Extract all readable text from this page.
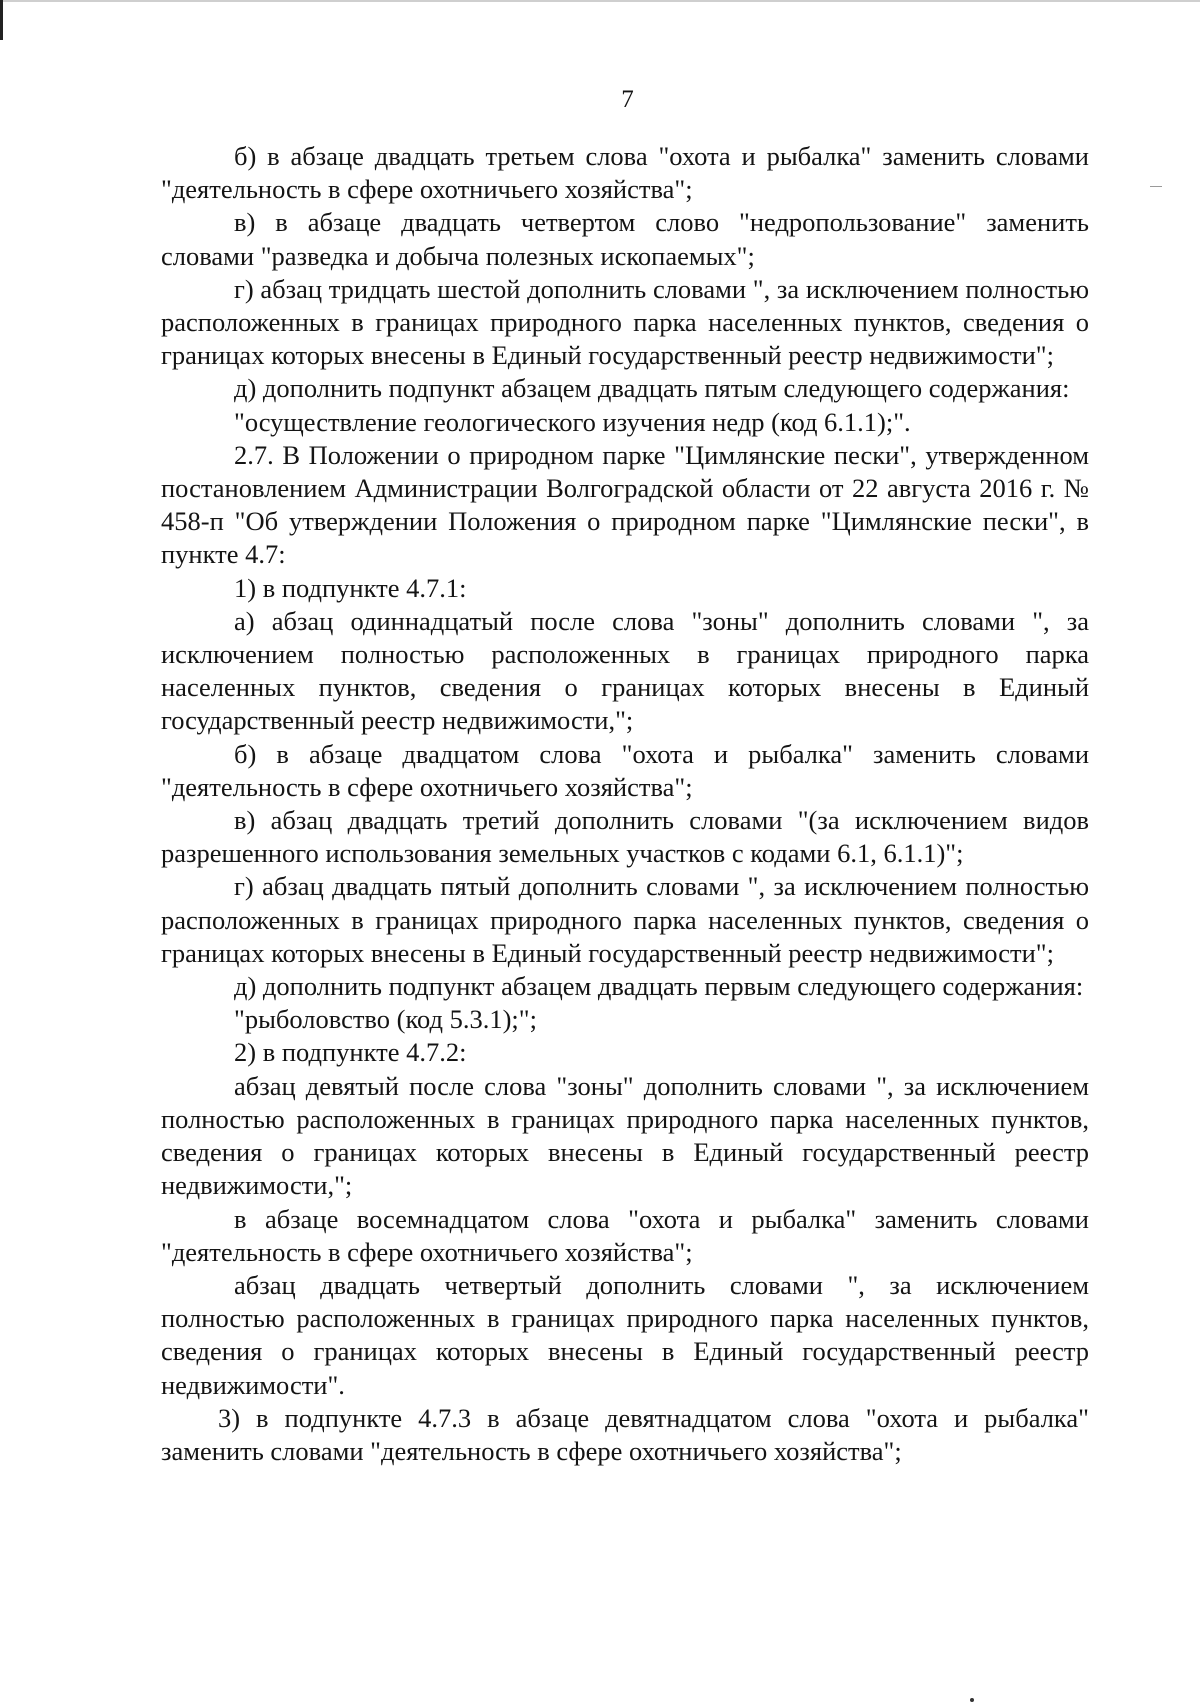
7

б) в абзаце двадцать третьем слова "охота и рыбалка" заменить словами "деятельность в сфере охотничьего хозяйства";

в) в абзаце двадцать четвертом слово "недропользование" заменить словами "разведка и добыча полезных ископаемых";

г) абзац тридцать шестой дополнить словами ", за исключением полностью расположенных в границах природного парка населенных пунктов, сведения о границах которых внесены в Единый государственный реестр недвижимости";

д) дополнить подпункт абзацем двадцать пятым следующего содержания:

"осуществление геологического изучения недр (код 6.1.1);".

2.7. В Положении о природном парке "Цимлянские пески", утвержденном постановлением Администрации Волгоградской области от 22 августа 2016 г. № 458-п "Об утверждении Положения о природном парке "Цимлянские пески", в пункте 4.7:

1) в подпункте 4.7.1:

а) абзац одиннадцатый после слова "зоны" дополнить словами ", за исключением полностью расположенных в границах природного парка населенных пунктов, сведения о границах которых внесены в Единый государственный реестр недвижимости,";

б) в абзаце двадцатом слова "охота и рыбалка" заменить словами "деятельность в сфере охотничьего хозяйства";

в) абзац двадцать третий дополнить словами "(за исключением видов разрешенного использования земельных участков с кодами 6.1, 6.1.1)";

г) абзац двадцать пятый дополнить словами ", за исключением полностью расположенных в границах природного парка населенных пунктов, сведения о границах которых внесены в Единый государственный реестр недвижимости";

д) дополнить подпункт абзацем двадцать первым следующего содержания:

"рыболовство (код 5.3.1);";

2) в подпункте 4.7.2:

абзац девятый после слова "зоны" дополнить словами ", за исключением полностью расположенных в границах природного парка населенных пунктов, сведения о границах которых внесены в Единый государственный реестр недвижимости,";

в абзаце восемнадцатом слова "охота и рыбалка" заменить словами "деятельность в сфере охотничьего хозяйства";

абзац двадцать четвертый дополнить словами ", за исключением полностью расположенных в границах природного парка населенных пунктов, сведения о границах которых внесены в Единый государственный реестр недвижимости".

3) в подпункте 4.7.3 в абзаце девятнадцатом слова "охота и рыбалка" заменить словами "деятельность в сфере охотничьего хозяйства";
